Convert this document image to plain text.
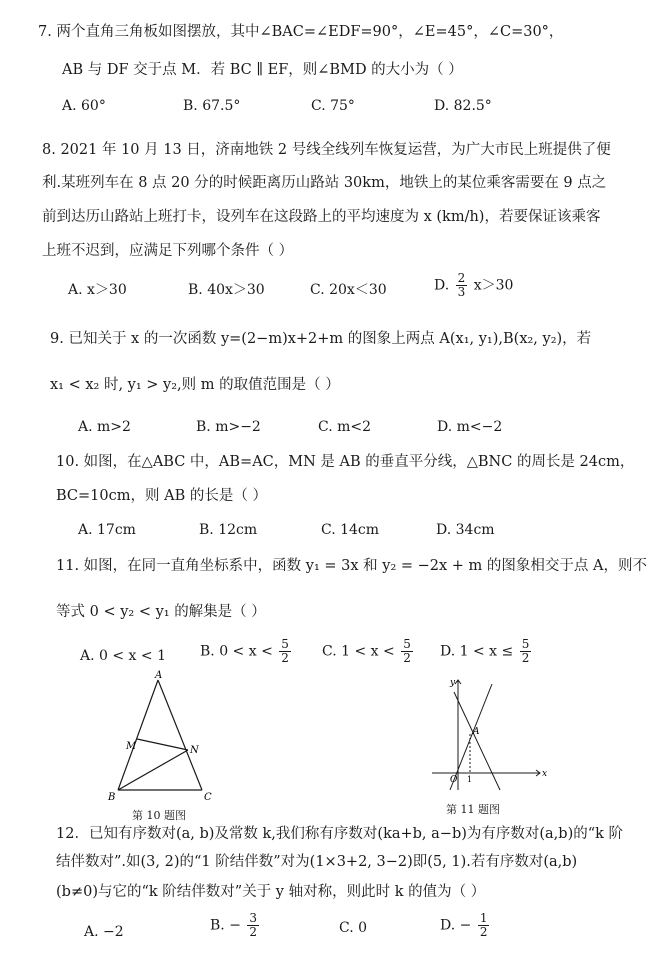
7. 两个直角三角板如图摆放，其中∠BAC=∠EDF=90°，∠E=45°，∠C=30°，
AB 与 DF 交于点 M．若 BC ∥ EF，则∠BMD 的大小为（ ）
A. 60°	B. 67.5°	C. 75°	D. 82.5°
8. 2021 年 10 月 13 日，济南地铁 2 号线全线列车恢复运营，为广大市民上班提供了便
利.某班列车在 8 点 20 分的时候距离历山路站 30km，地铁上的某位乘客需要在 9 点之
前到达历山路站上班打卡，设列车在这段路上的平均速度为 x (km/h)，若要保证该乘客
上班不迟到，应满足下列哪个条件（ ）
A. x＞30	B. 40x＞30	C. 20x＜30	D. $\frac{2}{3} x>30$
9. 已知关于 x 的一次函数 y=(2−m)x+2+m 的图象上两点 A(x₁, y₁),B(x₂, y₂)，若
x₁ < x₂ 时, y₁ > y₂,则 m 的取值范围是（ ）
A. m>2	B. m>−2	C. m<2	D. m<−2
10. 如图，在△ABC 中，AB=AC，MN 是 AB 的垂直平分线，△BNC 的周长是 24cm，
BC=10cm，则 AB 的长是（ ）
A. 17cm	B. 12cm	C. 14cm	D. 34cm
11. 如图，在同一直角坐标系中，函数 y₁ = 3x 和 y₂ = −2x + m 的图象相交于点 A，则不
等式 0 < y₂ < y₁ 的解集是（ ）
A. 0 < x < 1 B. $0 < x < \frac{5}{2} C$. $1 < x < \frac{5}{2} D$. $1 < x \le \frac{5}{2}$
A
B	C
M	N
第 10 题图
y
x
O 1
A
第 11 题图
12．已知有序数对(a, b)及常数 k,我们称有序数对(ka+b, a−b)为有序数对(a,b)的“k 阶
结伴数对”.如(3, 2)的“1 阶结伴数”对为(1×3+2, 3−2)即(5, 1).若有序数对(a,b)
(b≠0)与它的“k 阶结伴数对”关于 y 轴对称，则此时 k 的值为（ ）
A. −2	B. − $\frac{3}{2}$	C. 0	D. − $\frac{1}{2}$
